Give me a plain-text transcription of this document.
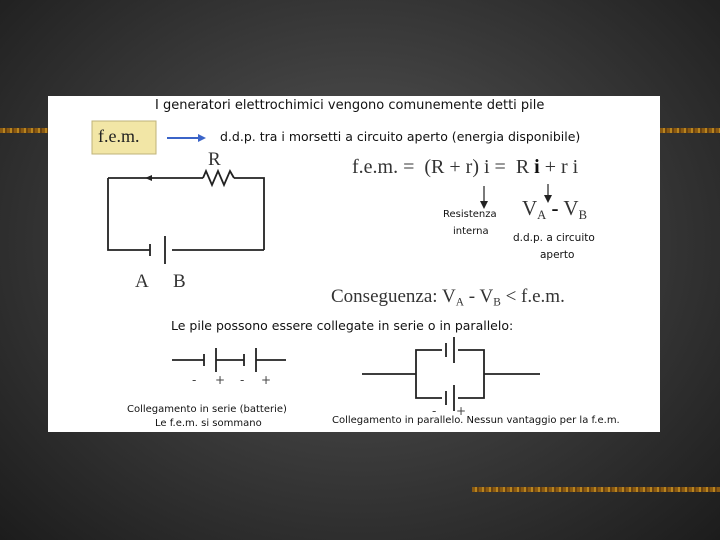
I generatori elettrochimici vengono comunemente detti pile
f.e.m.	d.d.p. tra i morsetti a circuito aperto (energia disponibile)
R
A B
f.e.m. = (R + r) i = R i + r i
Resistenza
interna
$V_A - V_B$
d.d.p. a circuito
aperto
Conseguenza: $V_A - V_B < f.e.m$.
Le pile possono essere collegate in serie o in parallelo:
- + - +
Collegamento in serie (batterie)
Le f.e.m. si sommano
- +
Collegamento in parallelo. Nessun vantaggio per la f.e.m.
